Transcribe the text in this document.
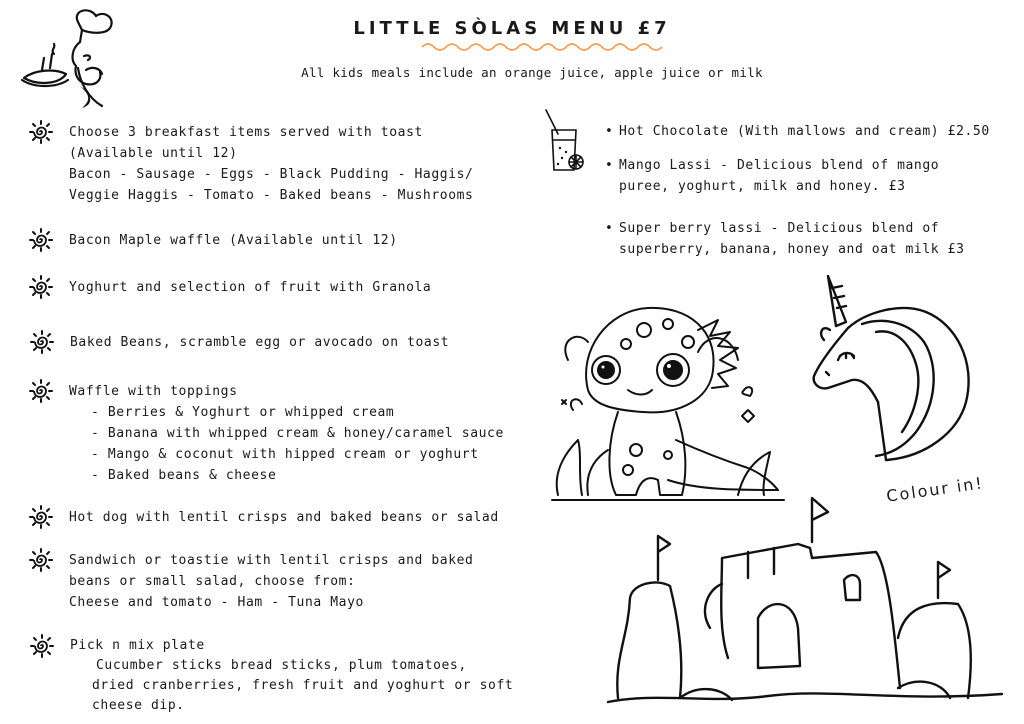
LITTLE SÒLAS MENU £7
All kids meals include an orange juice, apple juice or milk
Choose 3 breakfast items served with toast
(Available until 12)
Bacon - Sausage - Eggs - Black Pudding - Haggis/
Veggie Haggis - Tomato - Baked beans - Mushrooms
Bacon Maple waffle (Available until 12)
Yoghurt and selection of fruit with Granola
Baked Beans, scramble egg or avocado on toast
Waffle with toppings
- Berries & Yoghurt or whipped cream
- Banana with whipped cream & honey/caramel sauce
- Mango & coconut with hipped cream or yoghurt
- Baked beans & cheese
Hot dog with lentil crisps and baked beans or salad
Sandwich or toastie with lentil crisps and baked
beans or small salad, choose from:
Cheese and tomato - Ham - Tuna Mayo
Pick n mix plate
Cucumber sticks bread sticks, plum tomatoes,
dried cranberries, fresh fruit and yoghurt or soft
cheese dip.
• Hot Chocolate (With mallows and cream) £2.50
• Mango Lassi - Delicious blend of mango
puree, yoghurt, milk and honey. £3
• Super berry lassi - Delicious blend of
superberry, banana, honey and oat milk £3
Colour in!
